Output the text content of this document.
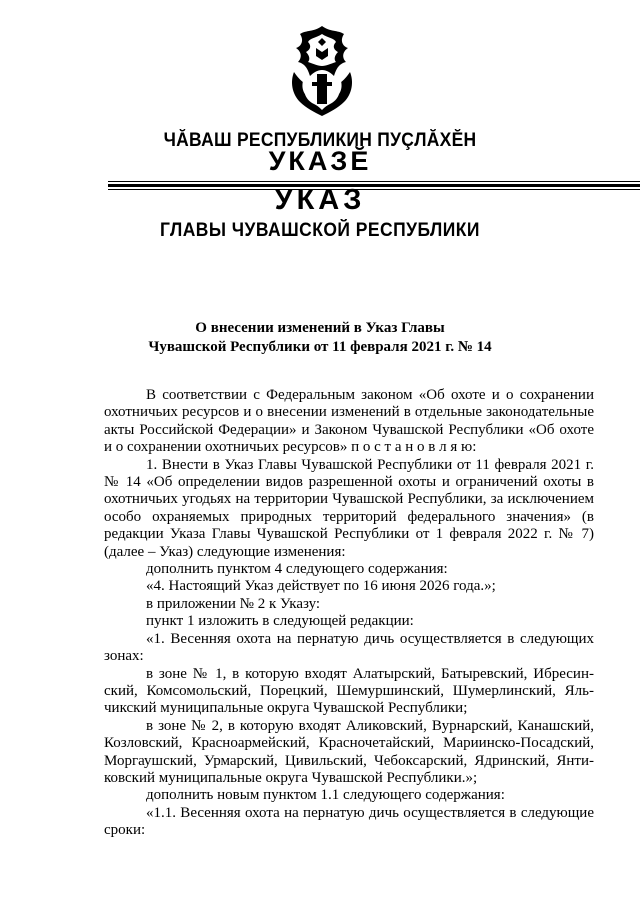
ЧĂВАШ РЕСПУБЛИКИН ПУÇЛĂХĔН
УКАЗĔ
УКАЗ
ГЛАВЫ ЧУВАШСКОЙ РЕСПУБЛИКИ
О внесении изменений в Указ Главы
Чувашской Республики от 11 февраля 2021 г. № 14

В соответствии с Федеральным законом «Об охоте и о сохранении охотничьих ресурсов и о внесении изменений в отдельные законодательные акты Российской Федерации» и Законом Чувашской Республики «Об охоте и о сохранении охотничьих ресурсов» п о с т а н о в л я ю:

1. Внести в Указ Главы Чувашской Республики от 11 февраля 2021 г. № 14 «Об определении видов разрешенной охоты и ограничений охоты в охотничьих угодьях на территории Чувашской Республики, за исключением особо охраняемых природных территорий федерального значения» (в редакции Указа Главы Чувашской Республики от 1 февраля 2022 г. № 7) (далее – Указ) следующие изменения:

дополнить пунктом 4 следующего содержания:

«4. Настоящий Указ действует по 16 июня 2026 года.»;

в приложении № 2 к Указу:

пункт 1 изложить в следующей редакции:

«1. Весенняя охота на пернатую дичь осуществляется в следующих зонах:

в зоне № 1, в которую входят Алатырский, Батыревский, Ибресинский, Комсомольский, Порецкий, Шемуршинский, Шумерлинский, Яльчикский муниципальные округа Чувашской Республики;

в зоне № 2, в которую входят Аликовский, Вурнарский, Канашский, Козловский, Красноармейский, Красночетайский, Мариинско-Посадский, Моргаушский, Урмарский, Цивильский, Чебоксарский, Ядринский, Янтиковский муниципальные округа Чувашской Республики.»;

дополнить новым пунктом 1.1 следующего содержания:

«1.1. Весенняя охота на пернатую дичь осуществляется в следующие сроки:
